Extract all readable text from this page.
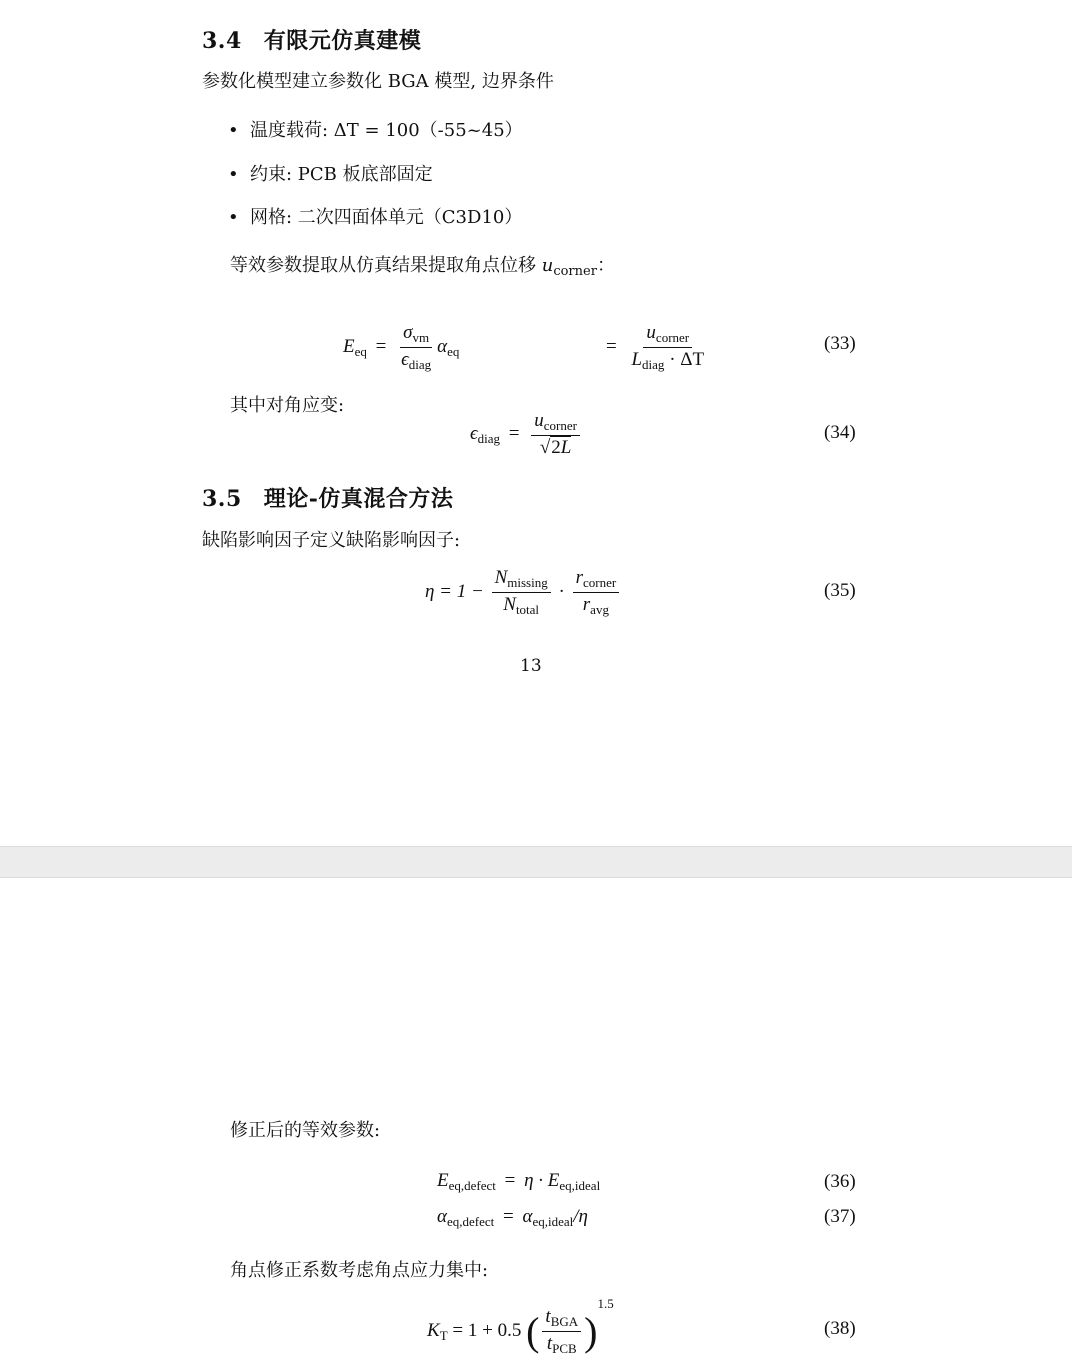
3.4 有限元仿真建模
参数化模型建立参数化 BGA 模型, 边界条件
• 温度载荷: ΔT = 100（-55~45）
• 约束: PCB 板底部固定
• 网格: 二次四面体单元（C3D10）
等效参数提取从仿真结果提取角点位移 $u_{corner}$：
$E_{eq} = \frac{\sigma_{vm}}{\epsilon_{diag}} \alpha_{eq}$	= $\frac{u_{corner}}{L_{diag} \cdot \Delta T}$	(33)
其中对角应变:
$\epsilon_{diag} = \frac{u_{corner}}{√2L}$	(34)
3.5 理论-仿真混合方法
缺陷影响因子定义缺陷影响因子:
$\eta = 1 - \frac{N_{missing}}{N_{total}} \cdot \frac{r_{corner}}{r_{avg}}$	(35)
13
修正后的等效参数:
$E_{eq,defect} = \eta \cdot E_{eq,ideal}$	(36)
$\alpha_{eq,defect} = \alpha_{eq,ideal}/\eta$	(37)
角点修正系数考虑角点应力集中:
$K_T = 1 + 0.5$ ( $\frac{t_{BGA}}{t_{PCB}} )^{1.5}$
(38)
